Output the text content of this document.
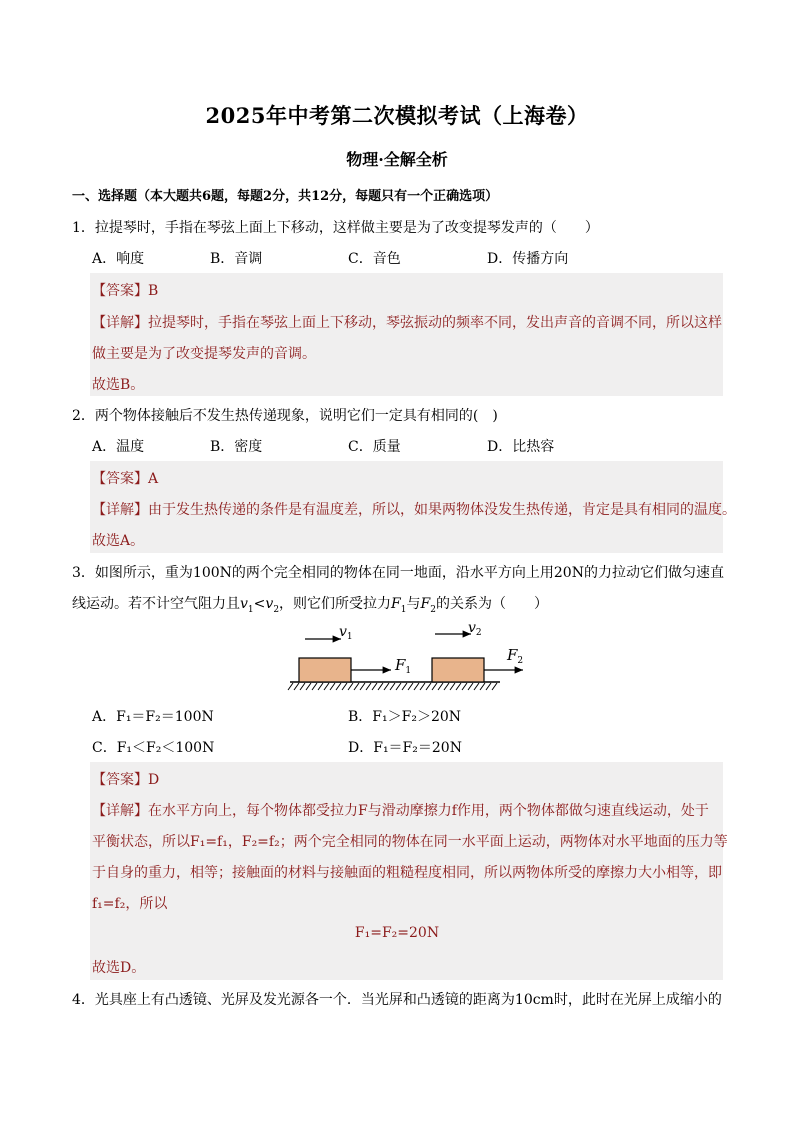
2025年中考第二次模拟考试（上海卷）
物理·全解全析
一、选择题（本大题共6题，每题2分，共12分，每题只有一个正确选项）
1．拉提琴时，手指在琴弦上面上下移动，这样做主要是为了改变提琴发声的（　　）
A．响度	B．音调	C．音色	D．传播方向
【答案】B
【详解】拉提琴时，手指在琴弦上面上下移动，琴弦振动的频率不同，发出声音的音调不同，所以这样
做主要是为了改变提琴发声的音调。
故选B。
2．两个物体接触后不发生热传递现象，说明它们一定具有相同的(　)
A．温度	B．密度	C．质量	D．比热容
【答案】A
【详解】由于发生热传递的条件是有温度差，所以，如果两物体没发生热传递，肯定是具有相同的温度。
故选A。
3．如图所示，重为100N的两个完全相同的物体在同一地面，沿水平方向上用20N的力拉动它们做匀速直
线运动。若不计空气阻力且$v_1<v_2$，则它们所受拉力$F_1$与$F_2$的关系为（　　）
$v_1$
$v_2$
$F_1$
$F_2$
A．F₁＝F₂＝100N	B．F₁＞F₂＞20N
C．F₁＜F₂＜100N	D．F₁＝F₂＝20N
【答案】D
【详解】在水平方向上，每个物体都受拉力F与滑动摩擦力f作用，两个物体都做匀速直线运动，处于
平衡状态，所以F₁=f₁，F₂=f₂；两个完全相同的物体在同一水平面上运动，两物体对水平地面的压力等
于自身的重力，相等；接触面的材料与接触面的粗糙程度相同，所以两物体所受的摩擦力大小相等，即
f₁=f₂，所以
F₁=F₂=20N
故选D。
4．光具座上有凸透镜、光屏及发光源各一个．当光屏和凸透镜的距离为10cm时，此时在光屏上成缩小的
